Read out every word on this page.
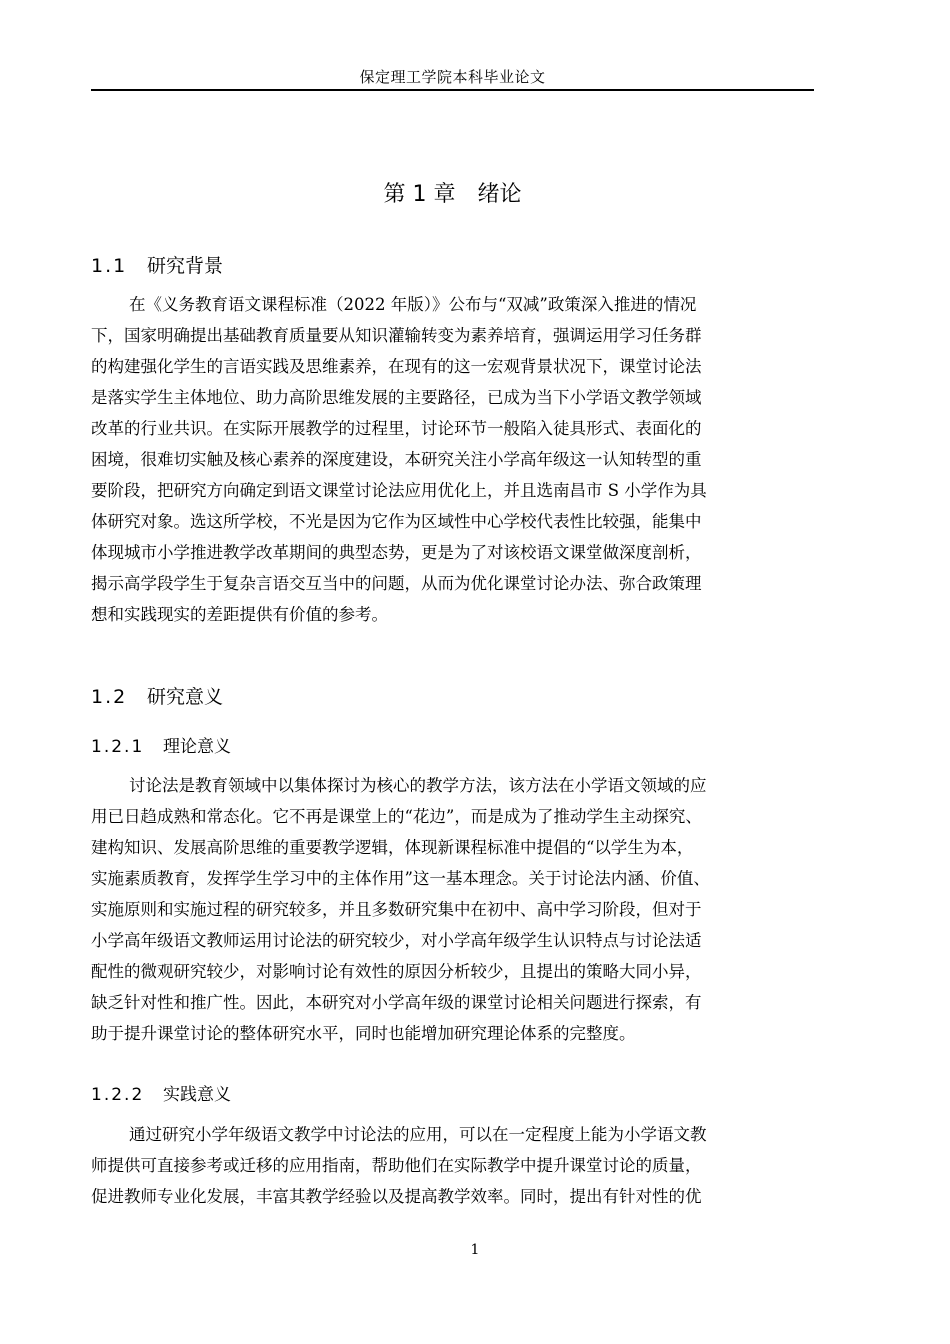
保定理工学院本科毕业论文
第 1 章 绪论
1.1 研究背景
在《义务教育语文课程标准（2022 年版）》公布与“双减”政策深入推进的情况
下，国家明确提出基础教育质量要从知识灌输转变为素养培育，强调运用学习任务群
的构建强化学生的言语实践及思维素养，在现有的这一宏观背景状况下，课堂讨论法
是落实学生主体地位、助力高阶思维发展的主要路径，已成为当下小学语文教学领域
改革的行业共识。在实际开展教学的过程里，讨论环节一般陷入徒具形式、表面化的
困境，很难切实触及核心素养的深度建设，本研究关注小学高年级这一认知转型的重
要阶段，把研究方向确定到语文课堂讨论法应用优化上，并且选南昌市 S 小学作为具
体研究对象。选这所学校，不光是因为它作为区域性中心学校代表性比较强，能集中
体现城市小学推进教学改革期间的典型态势，更是为了对该校语文课堂做深度剖析，
揭示高学段学生于复杂言语交互当中的问题，从而为优化课堂讨论办法、弥合政策理
想和实践现实的差距提供有价值的参考。
1.2 研究意义
1.2.1 理论意义
讨论法是教育领域中以集体探讨为核心的教学方法，该方法在小学语文领域的应
用已日趋成熟和常态化。它不再是课堂上的“花边”，而是成为了推动学生主动探究、
建构知识、发展高阶思维的重要教学逻辑，体现新课程标准中提倡的“以学生为本，
实施素质教育，发挥学生学习中的主体作用”这一基本理念。关于讨论法内涵、价值、
实施原则和实施过程的研究较多，并且多数研究集中在初中、高中学习阶段，但对于
小学高年级语文教师运用讨论法的研究较少，对小学高年级学生认识特点与讨论法适
配性的微观研究较少，对影响讨论有效性的原因分析较少，且提出的策略大同小异，
缺乏针对性和推广性。因此，本研究对小学高年级的课堂讨论相关问题进行探索，有
助于提升课堂讨论的整体研究水平，同时也能增加研究理论体系的完整度。
1.2.2 实践意义
通过研究小学年级语文教学中讨论法的应用，可以在一定程度上能为小学语文教
师提供可直接参考或迁移的应用指南，帮助他们在实际教学中提升课堂讨论的质量，
促进教师专业化发展，丰富其教学经验以及提高教学效率。同时，提出有针对性的优
1
